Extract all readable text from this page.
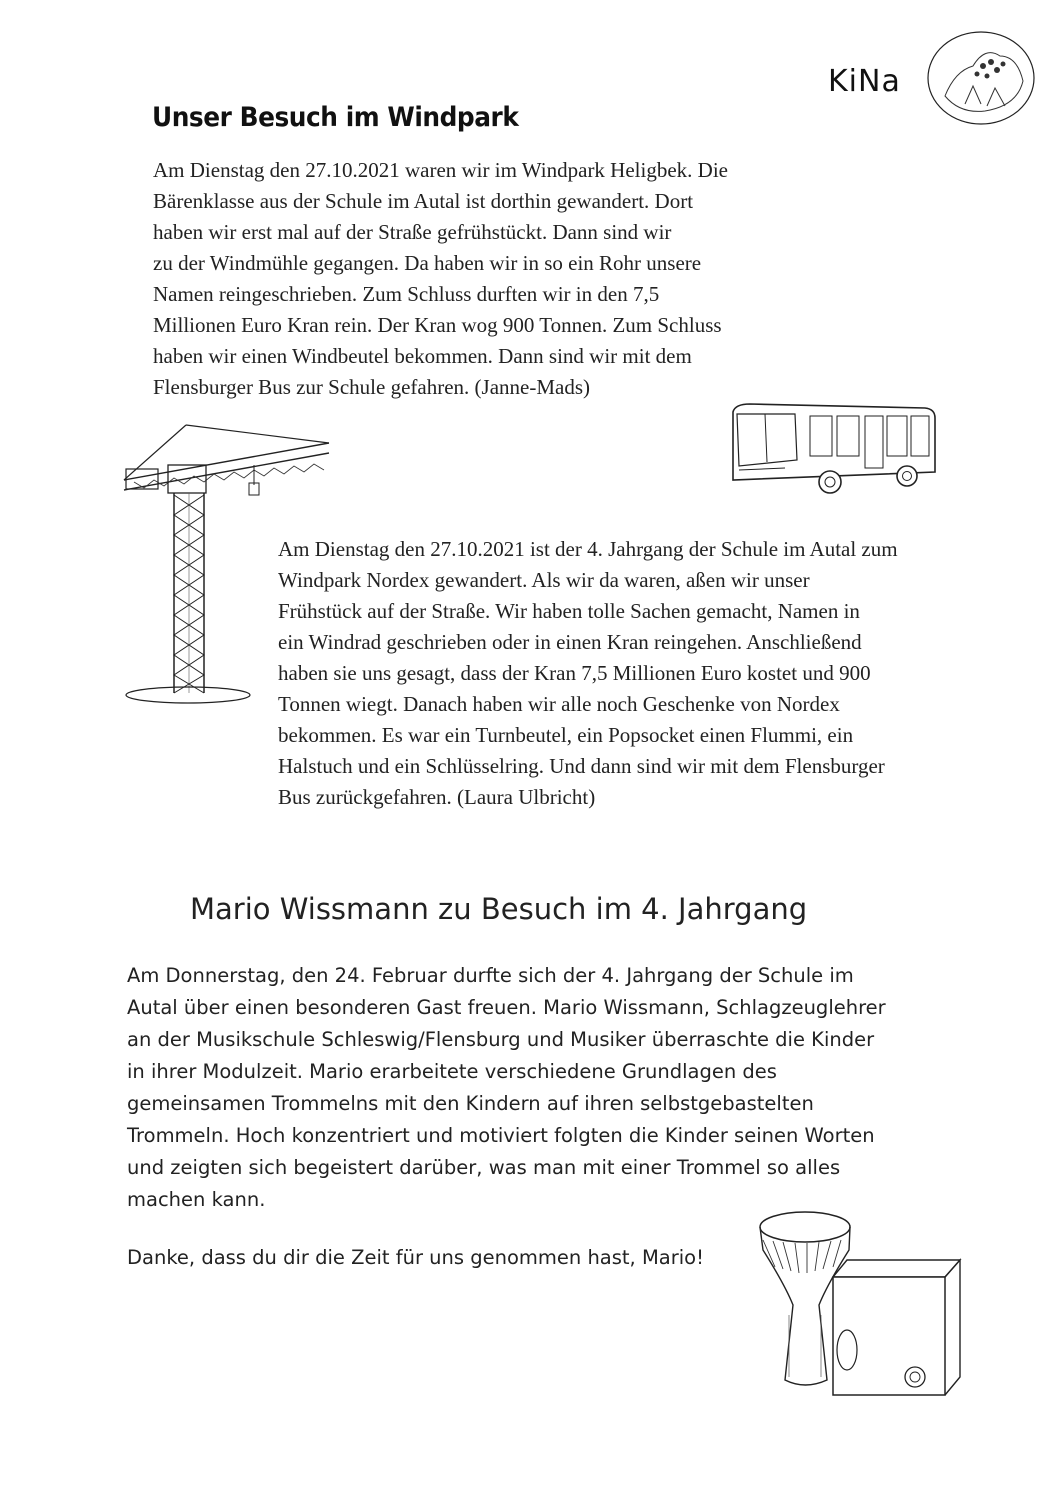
KiNa
Unser Besuch im Windpark
Am Dienstag den 27.10.2021 waren wir im Windpark Heligbek. Die
Bärenklasse aus der Schule im Autal ist dorthin gewandert. Dort
haben wir erst mal auf der Straße gefrühstückt. Dann sind wir
zu der Windmühle gegangen. Da haben wir in so ein Rohr unsere
Namen reingeschrieben. Zum Schluss durften wir in den 7,5
Millionen Euro Kran rein. Der Kran wog 900 Tonnen. Zum Schluss
haben wir einen Windbeutel bekommen. Dann sind wir mit dem
Flensburger Bus zur Schule gefahren. (Janne-Mads)
Am Dienstag den 27.10.2021 ist der 4. Jahrgang der Schule im Autal zum
Windpark Nordex gewandert. Als wir da waren, aßen wir unser
Frühstück auf der Straße. Wir haben tolle Sachen gemacht, Namen in
ein Windrad geschrieben oder in einen Kran reingehen. Anschließend
haben sie uns gesagt, dass der Kran 7,5 Millionen Euro kostet und 900
Tonnen wiegt. Danach haben wir alle noch Geschenke von Nordex
bekommen. Es war ein Turnbeutel, ein Popsocket einen Flummi, ein
Halstuch und ein Schlüsselring. Und dann sind wir mit dem Flensburger
Bus zurückgefahren. (Laura Ulbricht)
Mario Wissmann zu Besuch im 4. Jahrgang
Am Donnerstag, den 24. Februar durfte sich der 4. Jahrgang der Schule im
Autal über einen besonderen Gast freuen. Mario Wissmann, Schlagzeuglehrer
an der Musikschule Schleswig/Flensburg und Musiker überraschte die Kinder
in ihrer Modulzeit. Mario erarbeitete verschiedene Grundlagen des
gemeinsamen Trommelns mit den Kindern auf ihren selbstgebastelten
Trommeln. Hoch konzentriert und motiviert folgten die Kinder seinen Worten
und zeigten sich begeistert darüber, was man mit einer Trommel so alles
machen kann.
Danke, dass du dir die Zeit für uns genommen hast, Mario!
